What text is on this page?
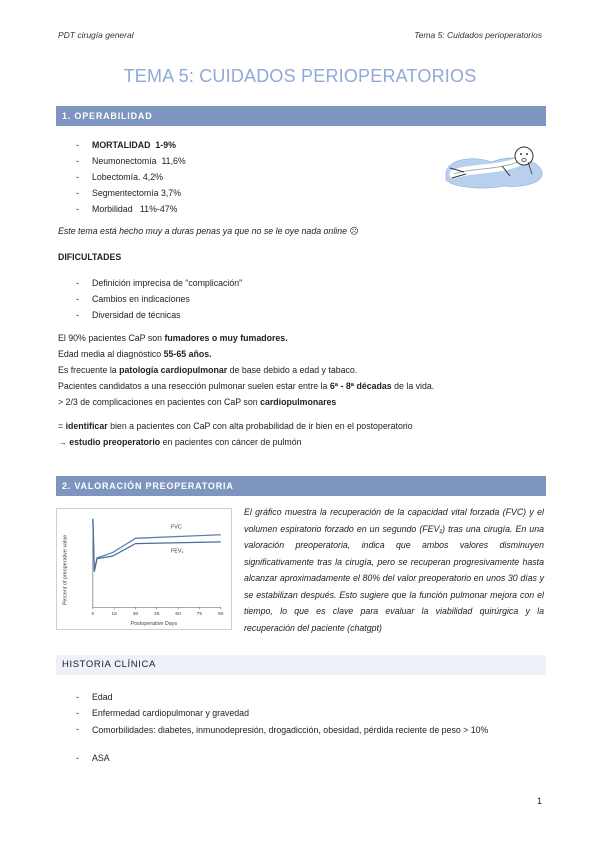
PDT cirugía general	Tema 5: Cuidados perioperatorios
TEMA 5: CUIDADOS PERIOPERATORIOS
1. OPERABILIDAD
- MORTALIDAD 1-9%
- Neumonectomía 11,6%
- Lobectomía. 4,2%
- Segmentectomía 3,7%
- Morbilidad 11%-47%
Este tema está hecho muy a duras penas ya que no se le oye nada online ☹
DIFICULTADES
- Definición imprecisa de “complicación”
- Cambios en indicaciones
- Diversidad de técnicas
El 90% pacientes CaP son fumadores o muy fumadores.
Edad media al diagnóstico 55-65 años.
Es frecuente la patología cardiopulmonar de base debido a edad y tabaco.
Pacientes candidatos a una resección pulmonar suelen estar entre la 6ª - 8ª décadas de la vida.
> 2/3 de complicaciones en pacientes con CaP son cardiopulmonares
= identificar bien a pacientes con CaP con alta probabilidad de ir bien en el postoperatorio
→ estudio preoperatorio en pacientes con cáncer de pulmón
2. VALORACIÓN PREOPERATORIA
Percent of preoperative value
Postoperative Days
0	15	30	45	60	75	90
FVC
FEV₁
El gráfico muestra la recuperación de la capacidad vital forzada (FVC) y el volumen espiratorio forzado en un segundo (FEV₁) tras una cirugía. En una valoración preoperatoria, indica que ambos valores disminuyen significativamente tras la cirugía, pero se recuperan progresivamente hasta alcanzar aproximadamente el 80% del valor preoperatorio en unos 30 días y se estabilizan después. Esto sugiere que la función pulmonar mejora con el tiempo, lo que es clave para evaluar la viabilidad quirúrgica y la recuperación del paciente (chatgpt)
HISTORIA CLÍNICA
- Edad
- Enfermedad cardiopulmonar y gravedad
- Comorbilidades: diabetes, inmunodepresión, drogadicción, obesidad, pérdida reciente de peso > 10%
- ASA
1
